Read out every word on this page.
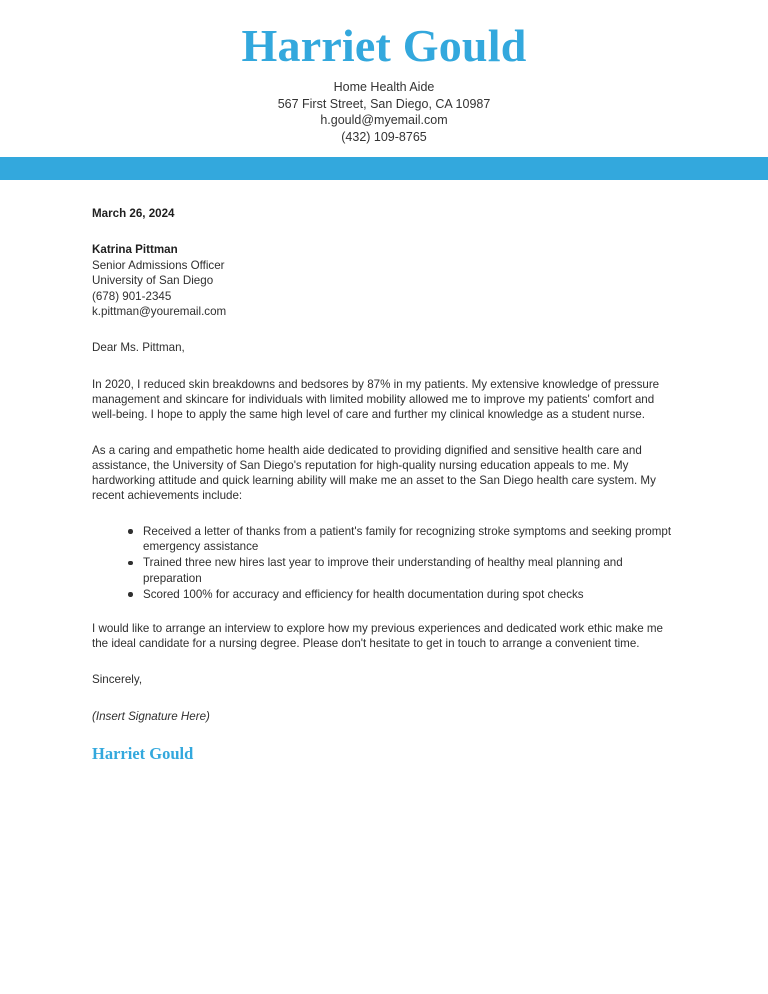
Harriet Gould

Home Health Aide

567 First Street, San Diego, CA 10987

h.gould@myemail.com

(432) 109-8765

March 26, 2024

Katrina Pittman

Senior Admissions Officer

University of San Diego

(678) 901-2345

k.pittman@youremail.com

Dear Ms. Pittman,

In 2020, I reduced skin breakdowns and bedsores by 87% in my patients. My extensive knowledge of pressure management and skincare for individuals with limited mobility allowed me to improve my patients' comfort and well-being. I hope to apply the same high level of care and further my clinical knowledge as a student nurse.

As a caring and empathetic home health aide dedicated to providing dignified and sensitive health care and assistance, the University of San Diego's reputation for high-quality nursing education appeals to me. My hardworking attitude and quick learning ability will make me an asset to the San Diego health care system. My recent achievements include:

Received a letter of thanks from a patient's family for recognizing stroke symptoms and seeking prompt emergency assistance
Trained three new hires last year to improve their understanding of healthy meal planning and preparation
Scored 100% for accuracy and efficiency for health documentation during spot checks

I would like to arrange an interview to explore how my previous experiences and dedicated work ethic make me the ideal candidate for a nursing degree. Please don't hesitate to get in touch to arrange a convenient time.

Sincerely,

(Insert Signature Here)

Harriet Gould
